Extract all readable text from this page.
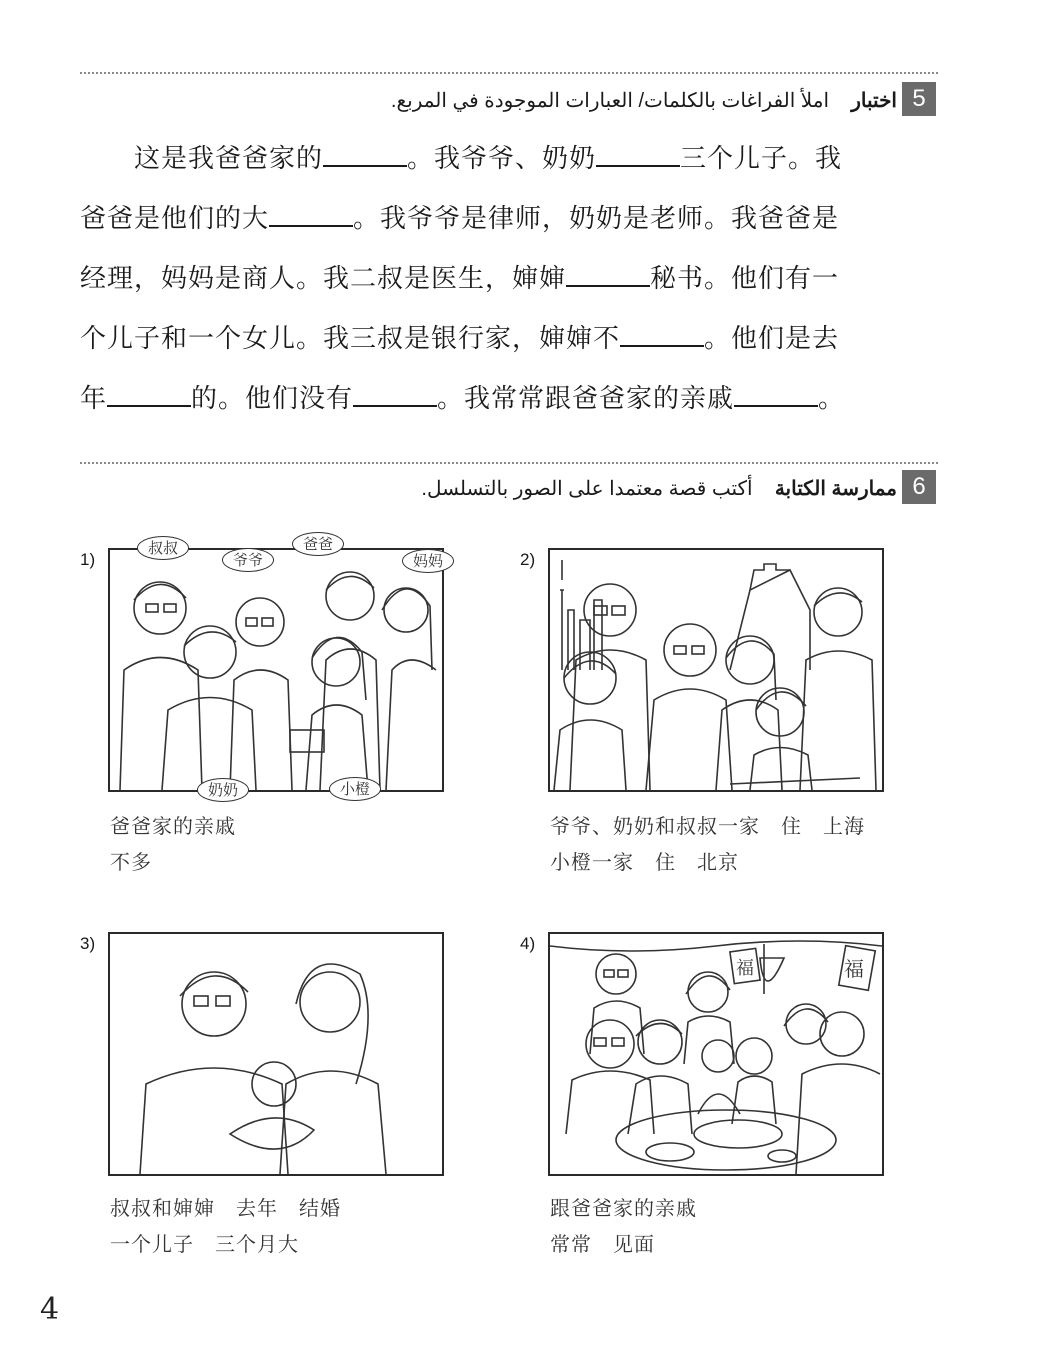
5
اختبار    املأ الفراغات بالكلمات/ العبارات الموجودة في المربع.
　　这是我爸爸家的	。我爷爷、奶奶	三个儿子。我
爸爸是他们的大	。我爷爷是律师，奶奶是老师。我爸爸是
经理，妈妈是商人。我二叔是医生，婶婶	秘书。他们有一
个儿子和一个女儿。我三叔是银行家，婶婶不	。他们是去
年	的。他们没有	。我常常跟爸爸家的亲戚	。
6
ممارسة الكتابة    أكتب قصة معتمدا على الصور بالتسلسل.
1)
叔叔
爷爷
爸爸
妈妈
奶奶	小橙
爸爸家的亲戚
不多
2)
爷爷、奶奶和叔叔一家　住　上海
小橙一家　住　北京
3)
叔叔和婶婶　去年　结婚
一个儿子　三个月大
4)
福	福
跟爸爸家的亲戚
常常　见面
4
